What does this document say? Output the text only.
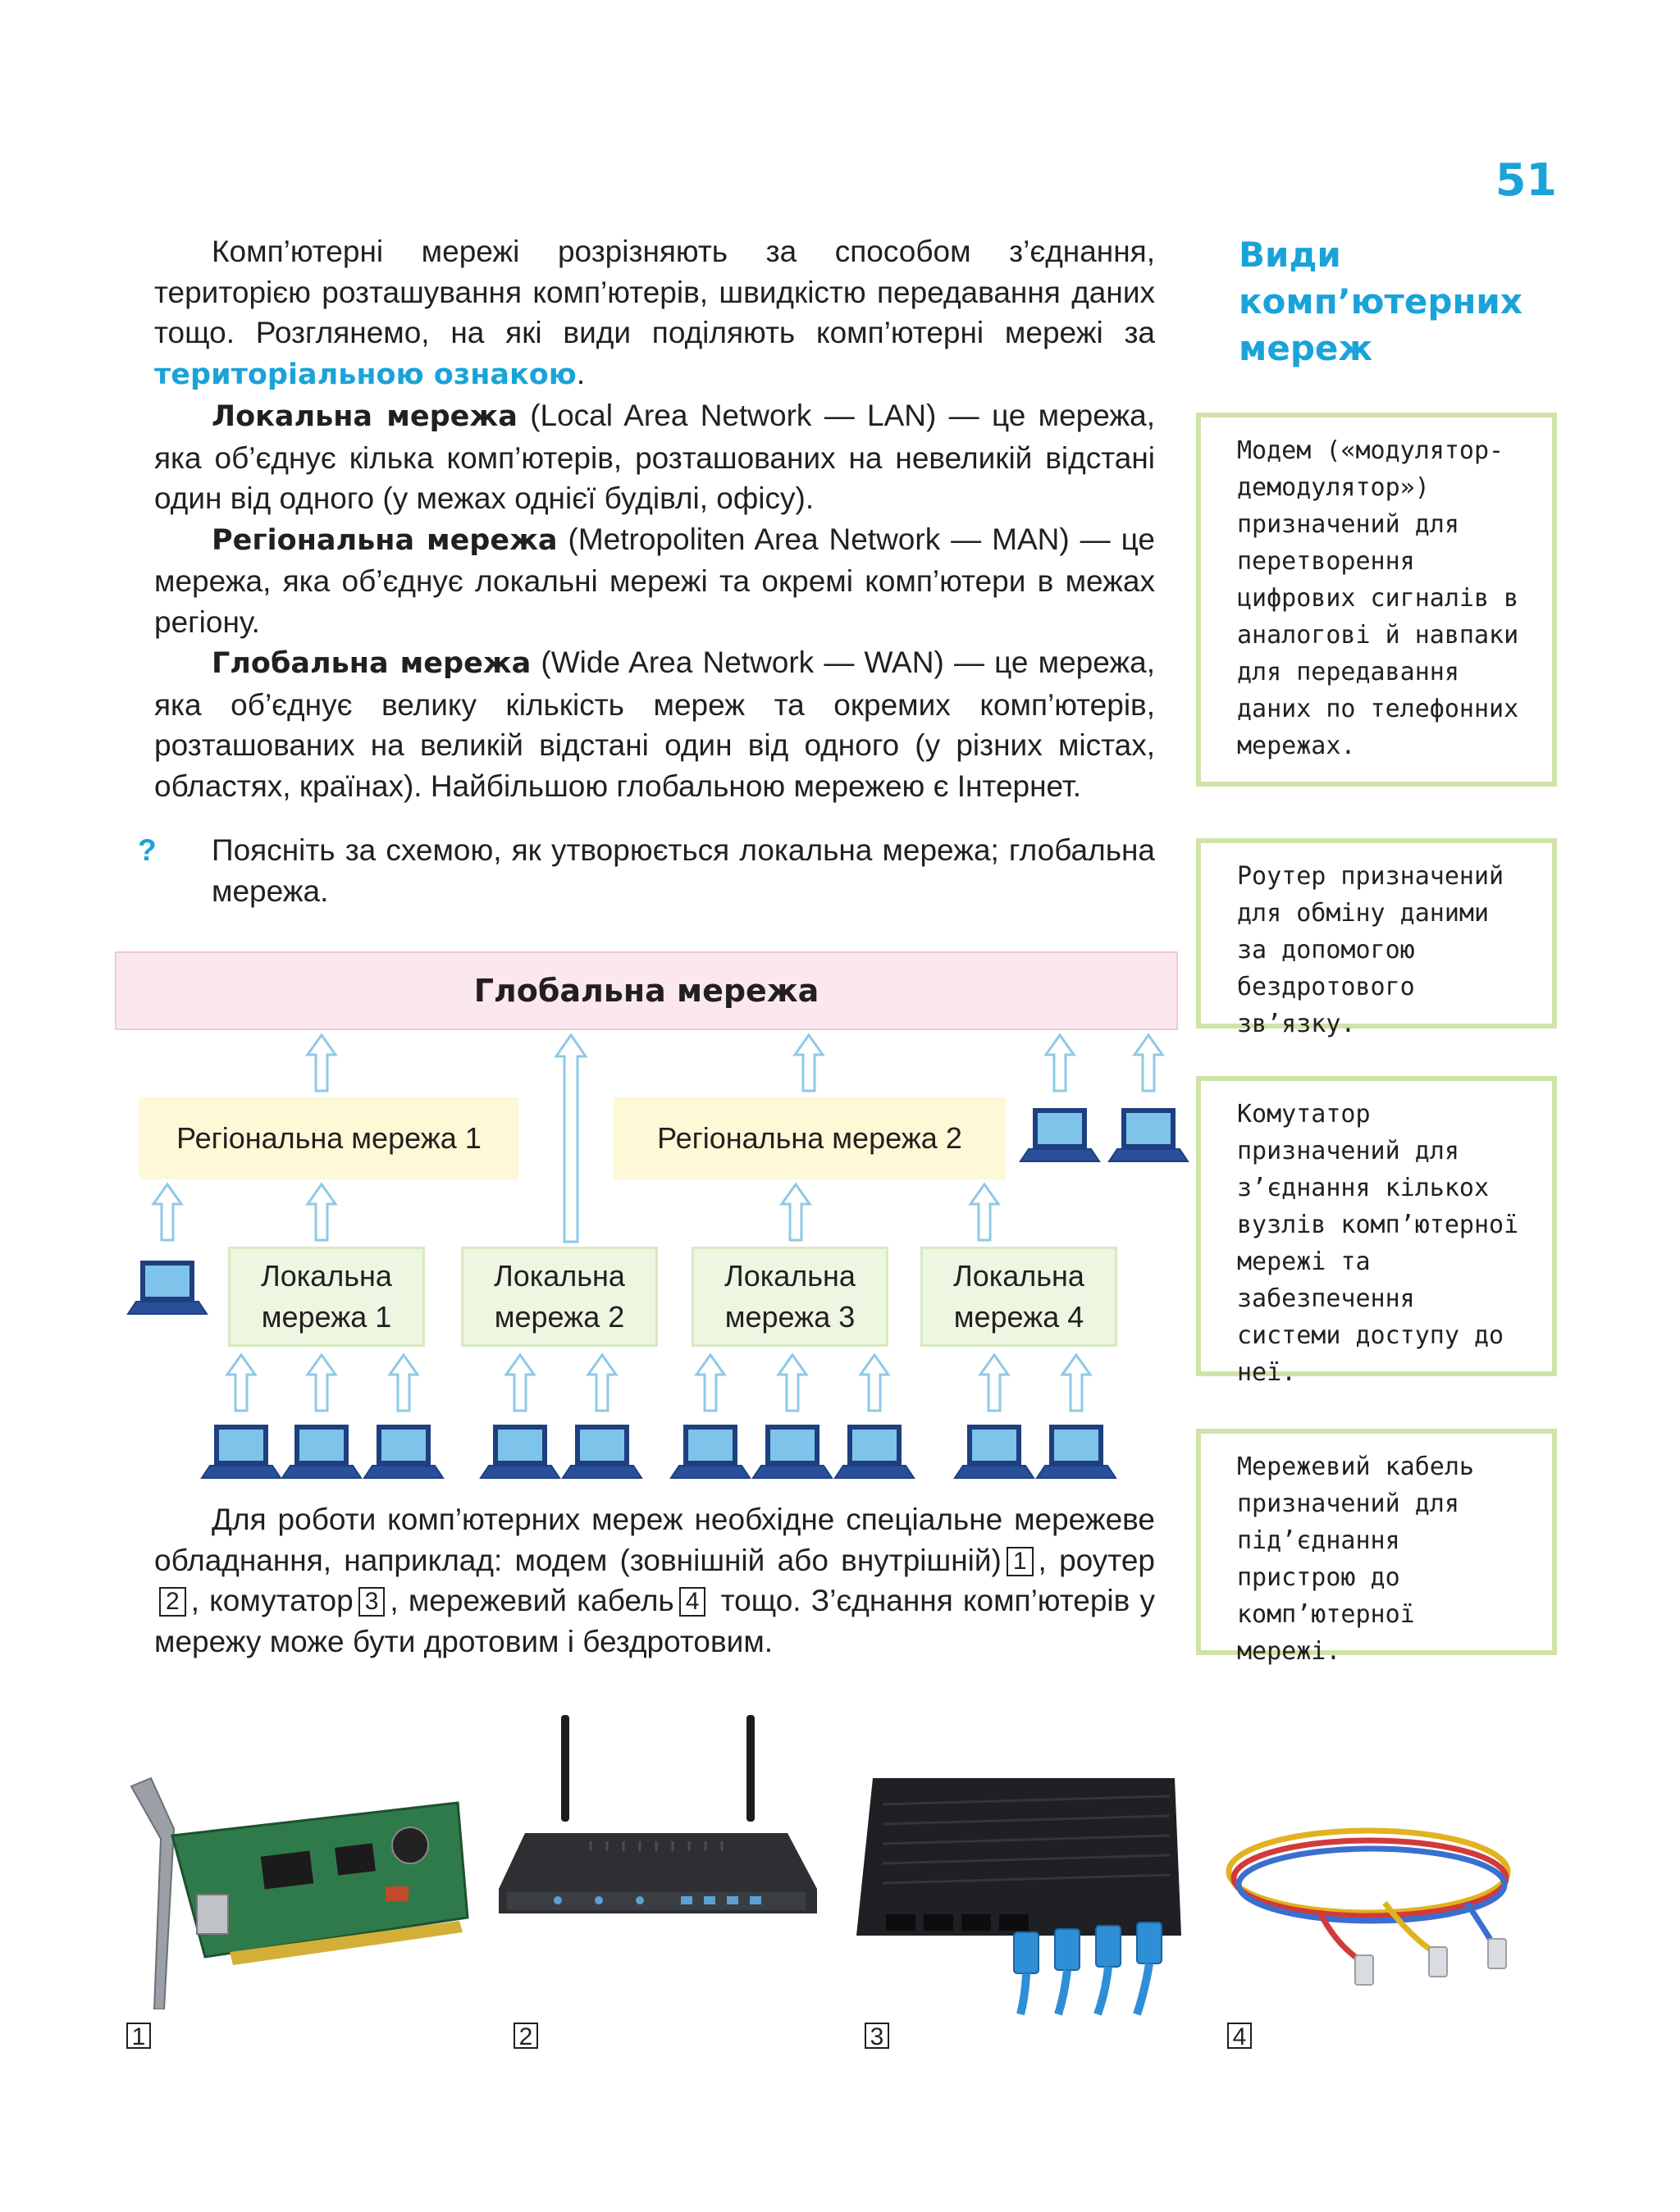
51

Комп’ютерні мережі розрізняють за способом з’єднання, територією розташування комп’ютерів, швидкістю передавання даних тощо. Розглянемо, на які види поділяють комп’ютерні мережі за територіальною ознакою.

Локальна мережа (Local Area Network — LAN) — це мережа, яка об’єднує кілька комп’ютерів, розташованих на невеликій відстані один від одного (у межах однієї будівлі, офісу).

Регіональна мережа (Metropoliten Area Network — MAN) — це мережа, яка об’єднує локальні мережі та окремі комп’ютери в межах регіону.

Глобальна мережа (Wide Area Network — WAN) — це мережа, яка об’єднує велику кількість мереж та окремих комп’ютерів, розташованих на великій відстані один від одного (у різних містах, областях, країнах). Найбільшою глобальною мережею є Інтернет.

? Поясніть за схемою, як утворюється локальна мережа; глобальна мережа.
Види комп’ютерних мереж
Модем («модулятор-демодулятор») призначений для перетворення цифрових сигналів в аналогові й навпаки для передавання даних по телефонних мережах.
Роутер призначений для обміну даними за допомогою бездротового зв’язку.
Комутатор призначений для з’єднання кількох вузлів комп’ютерної мережі та забезпечення системи доступу до неї.
Мережевий кабель призначений для під’єднання пристрою до комп’ютерної мережі.
Глобальна мережа
Регіональна мережа 1	Регіональна мережа 2
Локальна
мережа 1
Локальна
мережа 2
Локальна
мережа 3
Локальна
мережа 4

Для роботи комп’ютерних мереж необхідне спеціальне мережеве обладнання, наприклад: модем (зовнішній або внутрішній) 1 , роутер2 , комутатор 3 , мережевий кабель 4 тощо. З’єднання комп’ютерів у мережу може бути дротовим і бездротовим.

1	2	3	4
